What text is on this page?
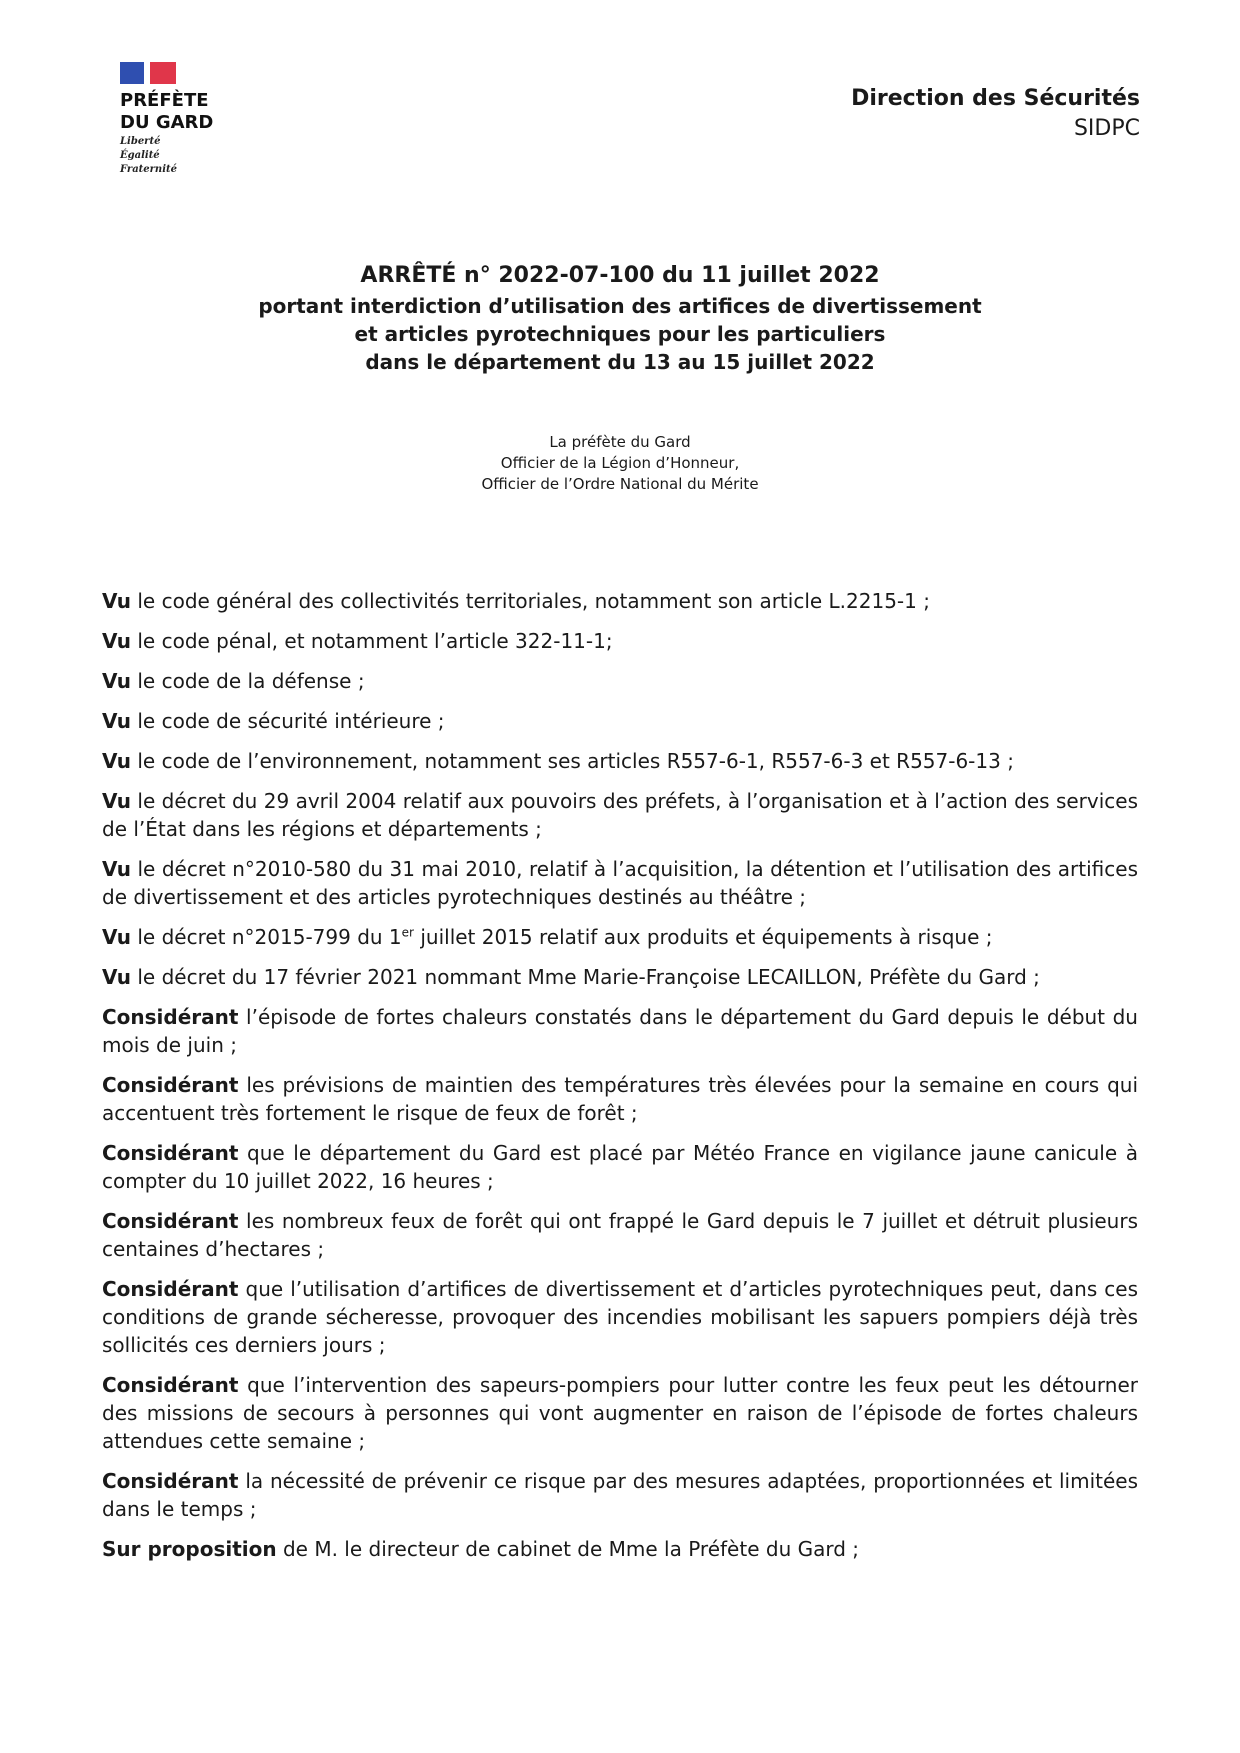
PRÉFÈTE
DU GARD
Liberté
Égalité
Fraternité
Direction des Sécurités
SIDPC
ARRÊTÉ n° 2022-07-100 du 11 juillet 2022
portant interdiction d’utilisation des artifices de divertissement
et articles pyrotechniques pour les particuliers
dans le département du 13 au 15 juillet 2022
La préfète du Gard
Officier de la Légion d’Honneur,
Officier de l’Ordre National du Mérite

Vu le code général des collectivités territoriales, notamment son article L.2215-1 ;

Vu le code pénal, et notamment l’article 322-11-1;

Vu le code de la défense ;

Vu le code de sécurité intérieure ;

Vu le code de l’environnement, notamment ses articles R557-6-1, R557-6-3 et R557-6-13 ;

Vu le décret du 29 avril 2004 relatif aux pouvoirs des préfets, à l’organisation et à l’action des services de l’État dans les régions et départements ;

Vu le décret n°2010-580 du 31 mai 2010, relatif à l’acquisition, la détention et l’utilisation des artifices de divertissement et des articles pyrotechniques destinés au théâtre ;

Vu le décret n°2015-799 du 1er juillet 2015 relatif aux produits et équipements à risque ;

Vu le décret du 17 février 2021 nommant Mme Marie-Françoise LECAILLON, Préfète du Gard ;

Considérant l’épisode de fortes chaleurs constatés dans le département du Gard depuis le début du mois de juin ;

Considérant les prévisions de maintien des températures très élevées pour la semaine en cours qui accentuent très fortement le risque de feux de forêt ;

Considérant que le département du Gard est placé par Météo France en vigilance jaune canicule à compter du 10 juillet 2022, 16 heures ;

Considérant les nombreux feux de forêt qui ont frappé le Gard depuis le 7 juillet et détruit plusieurs centaines d’hectares ;

Considérant que l’utilisation d’artifices de divertissement et d’articles pyrotechniques peut, dans ces conditions de grande sécheresse, provoquer des incendies mobilisant les sapuers pompiers déjà très sollicités ces derniers jours ;

Considérant que l’intervention des sapeurs-pompiers pour lutter contre les feux peut les détourner des missions de secours à personnes qui vont augmenter en raison de l’épisode de fortes chaleurs attendues cette semaine ;

Considérant la nécessité de prévenir ce risque par des mesures adaptées, proportionnées et limitées dans le temps ;

Sur proposition de M. le directeur de cabinet de Mme la Préfète du Gard ;
